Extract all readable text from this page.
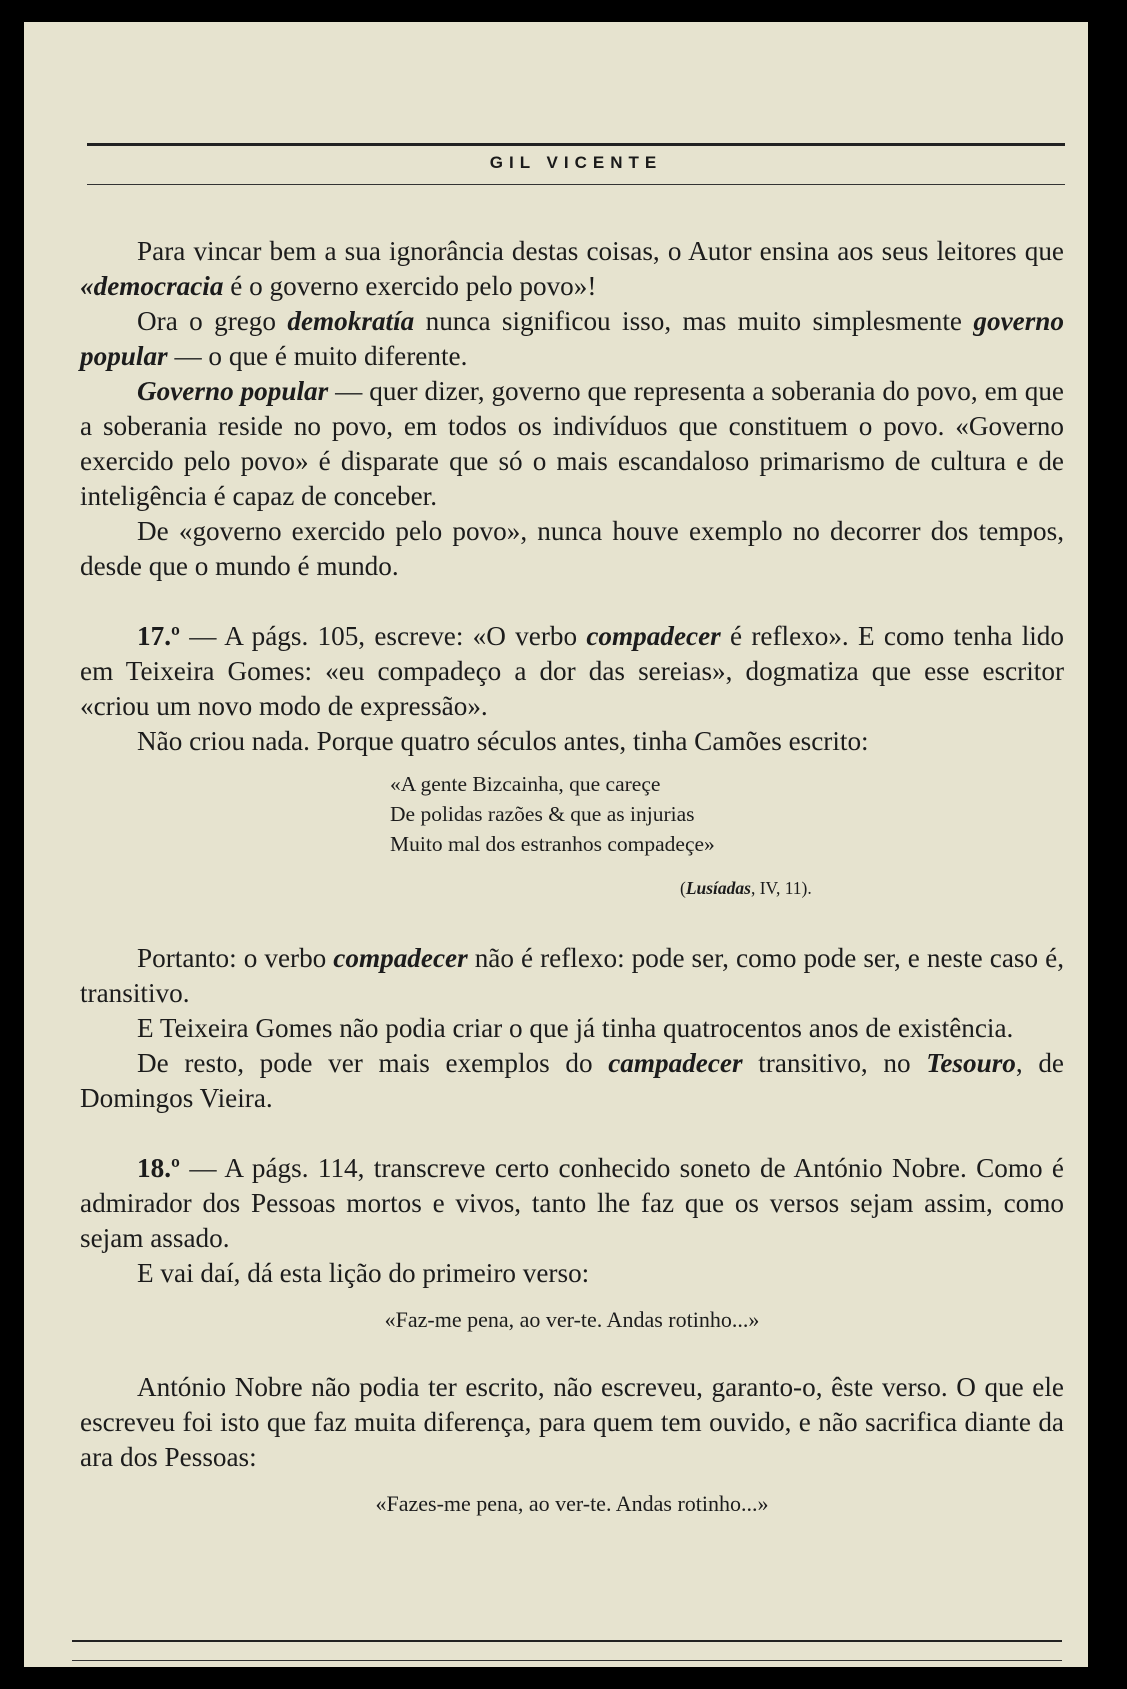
GIL VICENTE

Para vincar bem a sua ignorância destas coisas, o Autor ensina aos seus leitores que «democracia é o governo exercido pelo povo»!

Ora o grego demokratía nunca significou isso, mas muito simplesmente governo popular — o que é muito diferente.

Governo popular — quer dizer, governo que representa a soberania do povo, em que a soberania reside no povo, em todos os indivíduos que constituem o povo. «Governo exercido pelo povo» é disparate que só o mais escandaloso primarismo de cultura e de inteligência é capaz de conceber.

De «governo exercido pelo povo», nunca houve exemplo no decorrer dos tempos, desde que o mundo é mundo.

17.º — A págs. 105, escreve: «O verbo compadecer é reflexo». E como tenha lido em Teixeira Gomes: «eu compadeço a dor das sereias», dogmatiza que esse escritor «criou um novo modo de expressão».

Não criou nada. Porque quatro séculos antes, tinha Camões escrito:

«A gente Bizcainha, que careçe
De polidas razões & que as injurias
Muito mal dos estranhos compadeçe»
(Lusíadas, IV, 11).

Portanto: o verbo compadecer não é reflexo: pode ser, como pode ser, e neste caso é, transitivo.

E Teixeira Gomes não podia criar o que já tinha quatrocentos anos de existência.

De resto, pode ver mais exemplos do campadecer transitivo, no Tesouro, de Domingos Vieira.

18.º — A págs. 114, transcreve certo conhecido soneto de António Nobre. Como é admirador dos Pessoas mortos e vivos, tanto lhe faz que os versos sejam assim, como sejam assado.

E vai daí, dá esta lição do primeiro verso:

«Faz-me pena, ao ver-te. Andas rotinho...»

António Nobre não podia ter escrito, não escreveu, garanto-o, êste verso. O que ele escreveu foi isto que faz muita diferença, para quem tem ouvido, e não sacrifica diante da ara dos Pessoas:

«Fazes-me pena, ao ver-te. Andas rotinho...»
